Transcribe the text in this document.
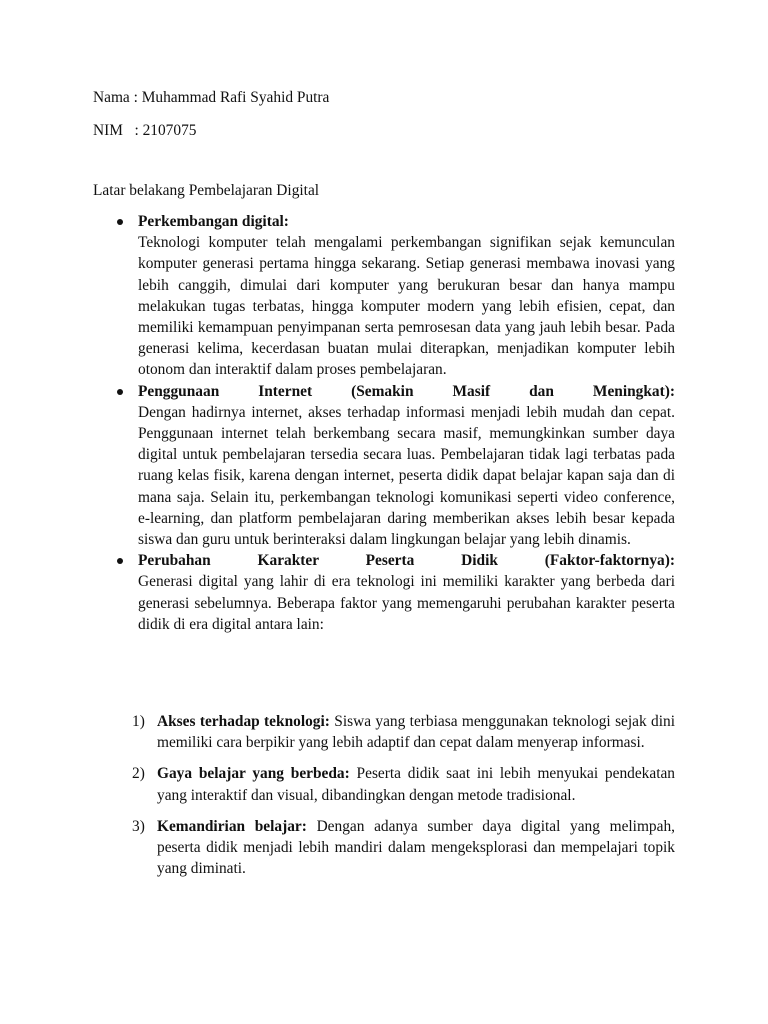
Nama : Muhammad Rafi Syahid Putra
NIM   : 2107075
Latar belakang Pembelajaran Digital
Perkembangan digital:
Teknologi komputer telah mengalami perkembangan signifikan sejak kemunculan komputer generasi pertama hingga sekarang. Setiap generasi membawa inovasi yang lebih canggih, dimulai dari komputer yang berukuran besar dan hanya mampu melakukan tugas terbatas, hingga komputer modern yang lebih efisien, cepat, dan memiliki kemampuan penyimpanan serta pemrosesan data yang jauh lebih besar. Pada generasi kelima, kecerdasan buatan mulai diterapkan, menjadikan komputer lebih otonom dan interaktif dalam proses pembelajaran.
Penggunaan Internet (Semakin Masif dan Meningkat):
Dengan hadirnya internet, akses terhadap informasi menjadi lebih mudah dan cepat. Penggunaan internet telah berkembang secara masif, memungkinkan sumber daya digital untuk pembelajaran tersedia secara luas. Pembelajaran tidak lagi terbatas pada ruang kelas fisik, karena dengan internet, peserta didik dapat belajar kapan saja dan di mana saja. Selain itu, perkembangan teknologi komunikasi seperti video conference, e-learning, dan platform pembelajaran daring memberikan akses lebih besar kepada siswa dan guru untuk berinteraksi dalam lingkungan belajar yang lebih dinamis.
Perubahan Karakter Peserta Didik (Faktor-faktornya):
Generasi digital yang lahir di era teknologi ini memiliki karakter yang berbeda dari generasi sebelumnya. Beberapa faktor yang memengaruhi perubahan karakter peserta didik di era digital antara lain:
1) Akses terhadap teknologi: Siswa yang terbiasa menggunakan teknologi sejak dini memiliki cara berpikir yang lebih adaptif dan cepat dalam menyerap informasi.
2) Gaya belajar yang berbeda: Peserta didik saat ini lebih menyukai pendekatan yang interaktif dan visual, dibandingkan dengan metode tradisional.
3) Kemandirian belajar: Dengan adanya sumber daya digital yang melimpah, peserta didik menjadi lebih mandiri dalam mengeksplorasi dan mempelajari topik yang diminati.
